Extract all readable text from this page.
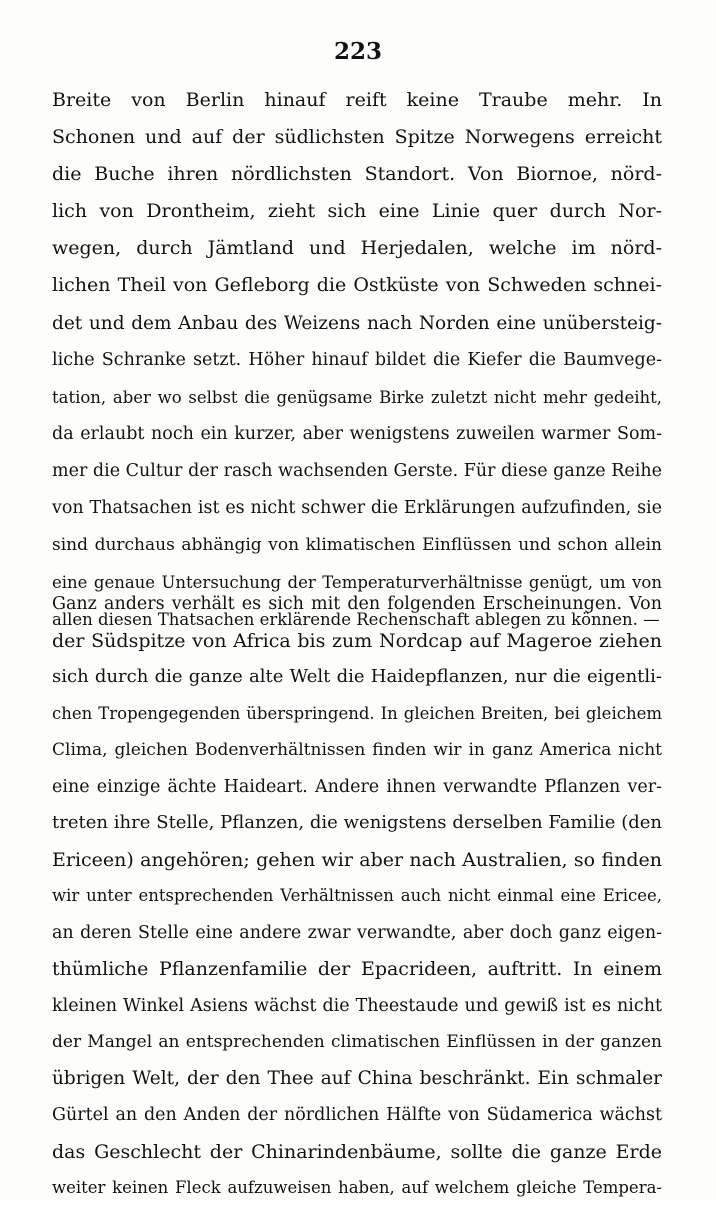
223
Breite von Berlin hinauf reift keine Traube mehr. In
Schonen und auf der südlichsten Spitze Norwegens erreicht
die Buche ihren nördlichsten Standort. Von Biornoe, nörd-
lich von Drontheim, zieht sich eine Linie quer durch Nor-
wegen, durch Jämtland und Herjedalen, welche im nörd-
lichen Theil von Gefleborg die Ostküste von Schweden schnei-
det und dem Anbau des Weizens nach Norden eine unübersteig-
liche Schranke setzt. Höher hinauf bildet die Kiefer die Baumvege-
tation, aber wo selbst die genügsame Birke zuletzt nicht mehr gedeiht,
da erlaubt noch ein kurzer, aber wenigstens zuweilen warmer Som-
mer die Cultur der rasch wachsenden Gerste. Für diese ganze Reihe
von Thatsachen ist es nicht schwer die Erklärungen aufzufinden, sie
sind durchaus abhängig von klimatischen Einflüssen und schon allein
eine genaue Untersuchung der Temperaturverhältnisse genügt, um von
allen diesen Thatsachen erklärende Rechenschaft ablegen zu können. —
Ganz anders verhält es sich mit den folgenden Erscheinungen. Von
der Südspitze von Africa bis zum Nordcap auf Mageroe ziehen
sich durch die ganze alte Welt die Haidepflanzen, nur die eigentli-
chen Tropengegenden überspringend. In gleichen Breiten, bei gleichem
Clima, gleichen Bodenverhältnissen finden wir in ganz America nicht
eine einzige ächte Haideart. Andere ihnen verwandte Pflanzen ver-
treten ihre Stelle, Pflanzen, die wenigstens derselben Familie (den
Ericeen) angehören; gehen wir aber nach Australien, so finden
wir unter entsprechenden Verhältnissen auch nicht einmal eine Ericee,
an deren Stelle eine andere zwar verwandte, aber doch ganz eigen-
thümliche Pflanzenfamilie der Epacrideen, auftritt. In einem
kleinen Winkel Asiens wächst die Theestaude und gewiß ist es nicht
der Mangel an entsprechenden climatischen Einflüssen in der ganzen
übrigen Welt, der den Thee auf China beschränkt. Ein schmaler
Gürtel an den Anden der nördlichen Hälfte von Südamerica wächst
das Geschlecht der Chinarindenbäume, sollte die ganze Erde
weiter keinen Fleck aufzuweisen haben, auf welchem gleiche Tempera-
